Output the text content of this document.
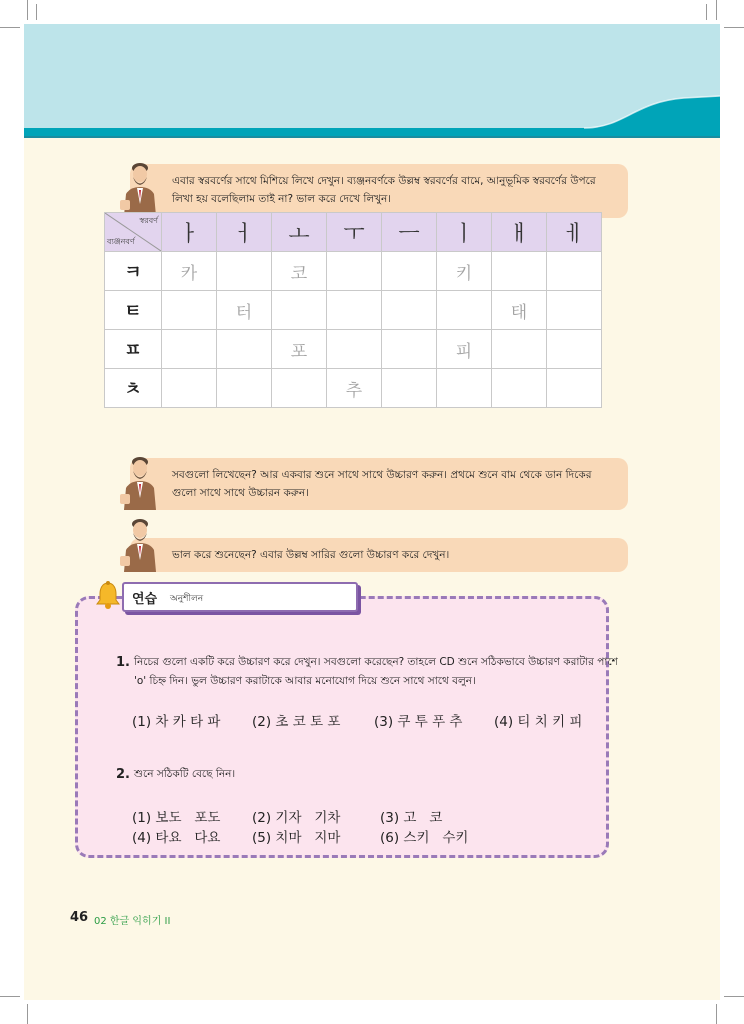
এবার স্বরবর্ণের সাথে মিশিয়ে লিখে দেখুন। ব্যঞ্জনবর্ণকে উল্লম্ব স্বরবর্ণের বামে, আনুভূমিক স্বরবর্ণের উপরে লিখা হয় বলেছিলাম তাই না? ভাল করে দেখে লিখুন।
স্বরবর্ণ
ব্যঞ্জনবর্ণ	ㅏ	ㅓ	ㅗ	ㅜ	ㅡ	ㅣ	ㅐ	ㅔ
ㅋ	카		코			키		
ㅌ		터					태	
ㅍ			포			피		
ㅊ				추				
সবগুলো লিখেছেন? আর একবার শুনে সাথে সাথে উচ্চারণ করুন। প্রথমে শুনে বাম থেকে ডান দিকের গুলো সাথে সাথে উচ্চারন করুন।
ভাল করে শুনেছেন? এবার উল্লম্ব সারির গুলো উচ্চারণ করে দেখুন।
연습 অনুশীলন
1. নিচের গুলো একটি করে উচ্চারণ করে দেখুন। সবগুলো করেছেন? তাহলে CD শুনে সঠিকভাবে উচ্চারণ করাটার পাশে 'o' চিহ্ন দিন। ভুল উচ্চারণ করাটাকে আবার মনোযোগ দিয়ে শুনে সাথে সাথে বলুন।
(1) 차 카 타 파 (2) 초 코 토 포 (3) 쿠 투 푸 추 (4) 티 치 키 피
2. শুনে সঠিকটি বেছে নিন।
(1) 보도   포도 (2) 기자   기차	(3) 고   코
(4) 타요   다요 (5) 치마   지마	(6) 스키   수키
46 02 한글 익히기 II
